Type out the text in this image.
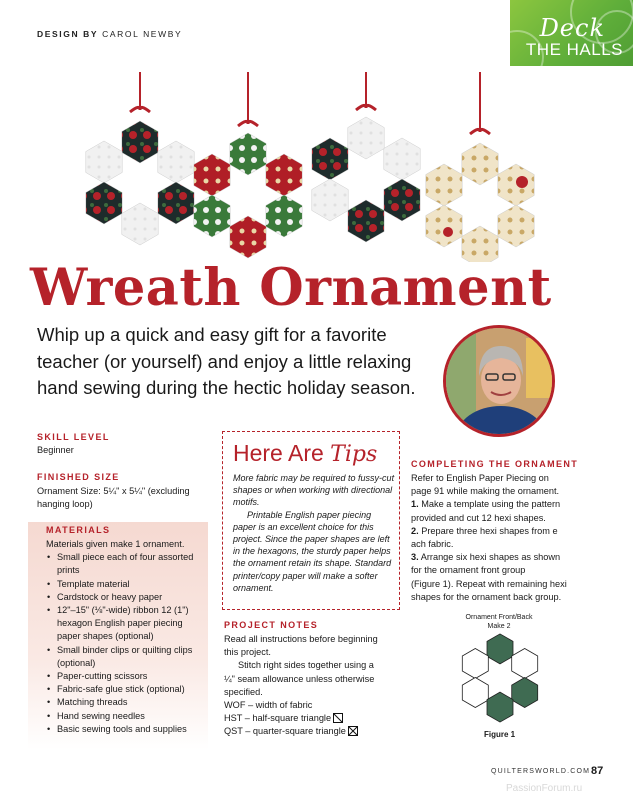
DESIGN BY CAROL NEWBY	Deck
THE HALLS
Wreath Ornament
Whip up a quick and easy gift for a favorite
teacher (or yourself) and enjoy a little relaxing
hand sewing during the hectic holiday season.
SKILL LEVEL
Beginner
FINISHED SIZE
Ornament Size: 5¼" x 5¼" (excluding
hanging loop)
MATERIALS
Materials given make 1 ornament.
• Small piece each of four assorted prints
• Template material
• Cardstock or heavy paper
• 12"–15" (⅛"-wide) ribbon 12 (1") hexagon English paper piecing paper shapes (optional)
• Small binder clips or quilting clips (optional)
• Paper-cutting scissors
• Fabric-safe glue stick (optional)
• Matching threads
• Hand sewing needles
• Basic sewing tools and supplies
Here Are Tips

More fabric may be required to fussy-cut shapes or when working with directional motifs.

Printable English paper piecing paper is an excellent choice for this project. Since the paper shapes are left in the hexagons, the sturdy paper helps the ornament retain its shape. Standard printer/copy paper will make a softer ornament.

PROJECT NOTES
Read all instructions before beginning
this project.
Stitch right sides together using a
¼" seam allowance unless otherwise
specified.
WOF – width of fabric
HST – half-square triangle
QST – quarter-square triangle
COMPLETING THE ORNAMENT
Refer to English Paper Piecing on
page 91 while making the ornament.
1. Make a template using the pattern
provided and cut 12 hexi shapes.
2. Prepare three hexi shapes from e
ach fabric.
3. Arrange six hexi shapes as shown
for the ornament front group
(Figure 1). Repeat with remaining hexi
shapes for the ornament back group.
Ornament Front/Back
Make 2
Figure 1
QUILTERSWORLD.COM 87
PassionForum.ru
